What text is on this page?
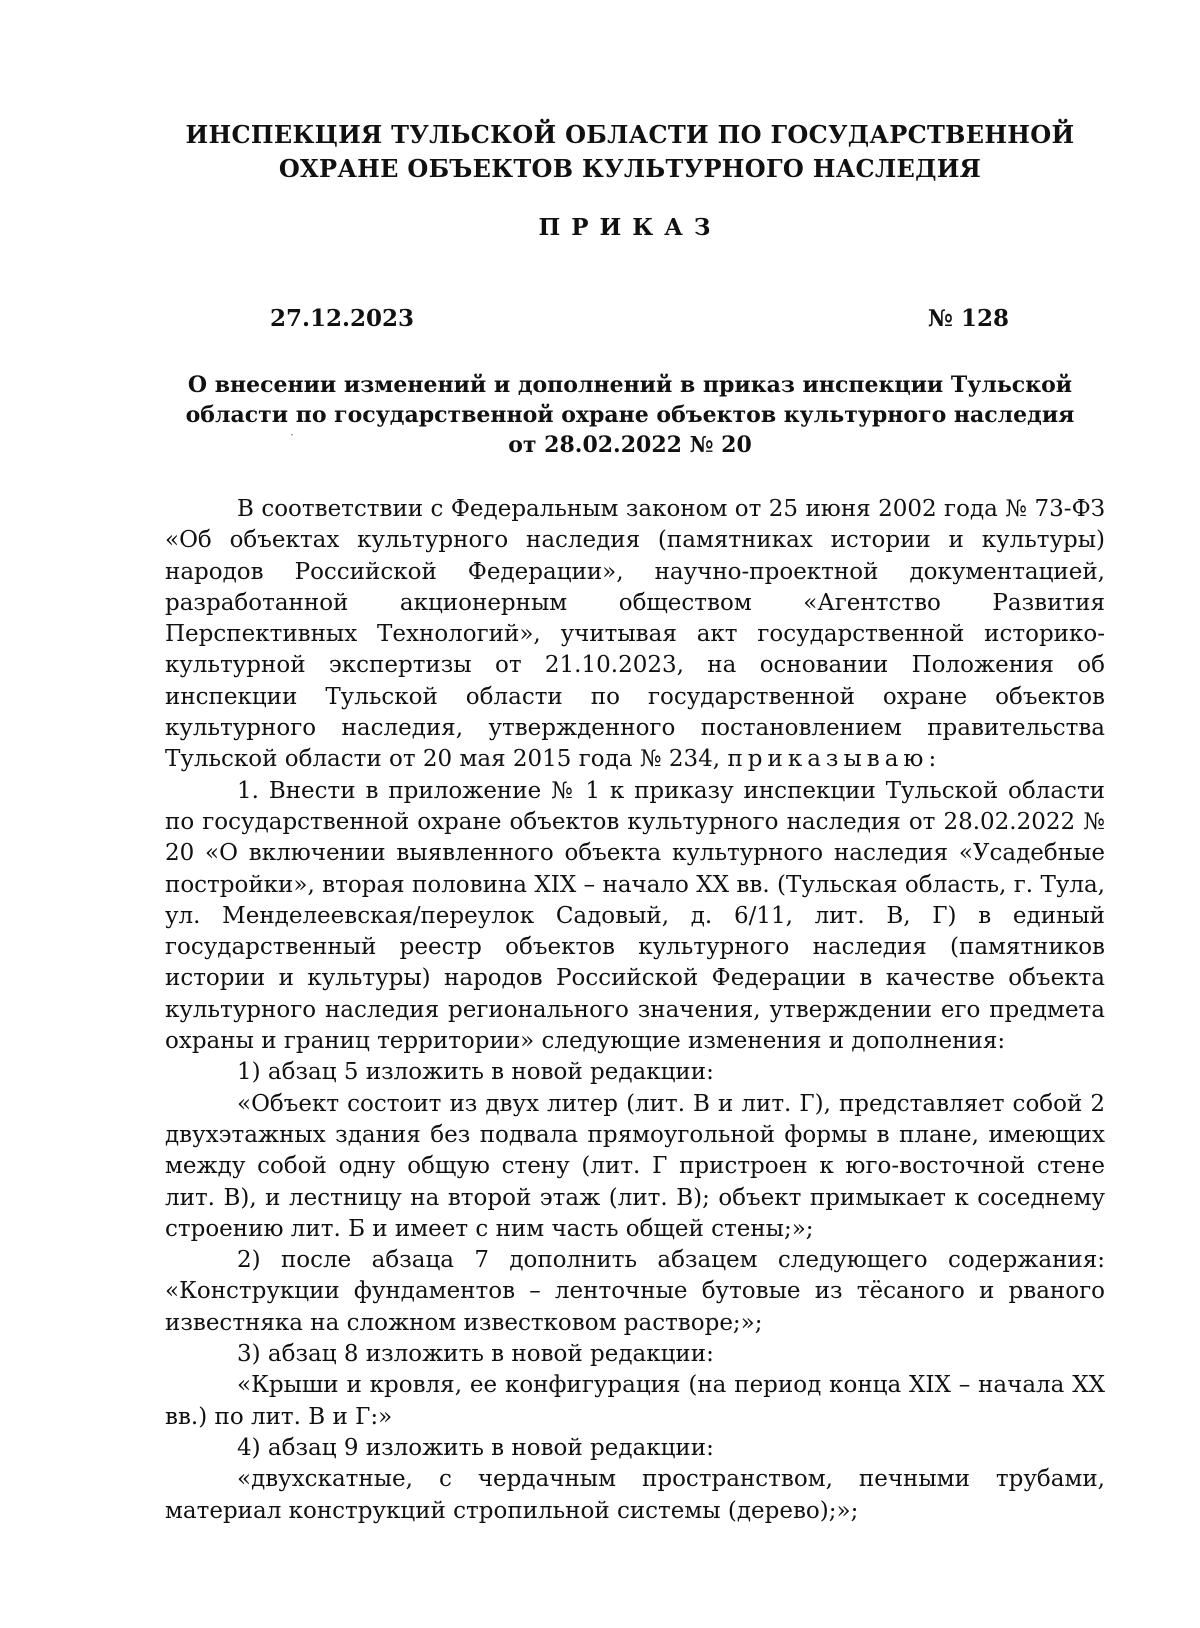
ИНСПЕКЦИЯ ТУЛЬСКОЙ ОБЛАСТИ ПО ГОСУДАРСТВЕННОЙ
ОХРАНЕ ОБЪЕКТОВ КУЛЬТУРНОГО НАСЛЕДИЯ
ПРИКАЗ
27.12.2023	№ 128
О внесении изменений и дополнений в приказ инспекции Тульской
области по государственной охране объектов культурного наследия
от 28.02.2022 № 20

В соответствии с Федеральным законом от 25 июня 2002 года № 73-ФЗ «Об объектах культурного наследия (памятниках истории и культуры) народов Российской Федерации», научно-проектной документацией, разработанной акционерным обществом «Агентство Развития Перспективных Технологий», учитывая акт государственной историко-культурной экспертизы от 21.10.2023, на основании Положения об инспекции Тульской области по государственной охране объектов культурного наследия, утвержденного постановлением правительства Тульской области от 20 мая 2015 года № 234, приказываю:

1. Внести в приложение № 1 к приказу инспекции Тульской области по государственной охране объектов культурного наследия от 28.02.2022 № 20 «О включении выявленного объекта культурного наследия «Усадебные постройки», вторая половина XIX – начало XX вв. (Тульская область, г. Тула, ул. Менделеевская/переулок Садовый, д. 6/11, лит. В, Г) в единый государственный реестр объектов культурного наследия (памятников истории и культуры) народов Российской Федерации в качестве объекта культурного наследия регионального значения, утверждении его предмета охраны и границ территории» следующие изменения и дополнения:

1) абзац 5 изложить в новой редакции:

«Объект состоит из двух литер (лит. В и лит. Г), представляет собой 2 двухэтажных здания без подвала прямоугольной формы в плане, имеющих между собой одну общую стену (лит. Г пристроен к юго-восточной стене лит. В), и лестницу на второй этаж (лит. В); объект примыкает к соседнему строению лит. Б и имеет с ним часть общей стены;»;

2) после абзаца 7 дополнить абзацем следующего содержания: «Конструкции фундаментов – ленточные бутовые из тёсаного и рваного известняка на сложном известковом растворе;»;

3) абзац 8 изложить в новой редакции:

«Крыши и кровля, ее конфигурация (на период конца XIX – начала XX вв.) по лит. В и Г:»

4) абзац 9 изложить в новой редакции:

«двухскатные, с чердачным пространством, печными трубами, материал конструкций стропильной системы (дерево);»;

·
